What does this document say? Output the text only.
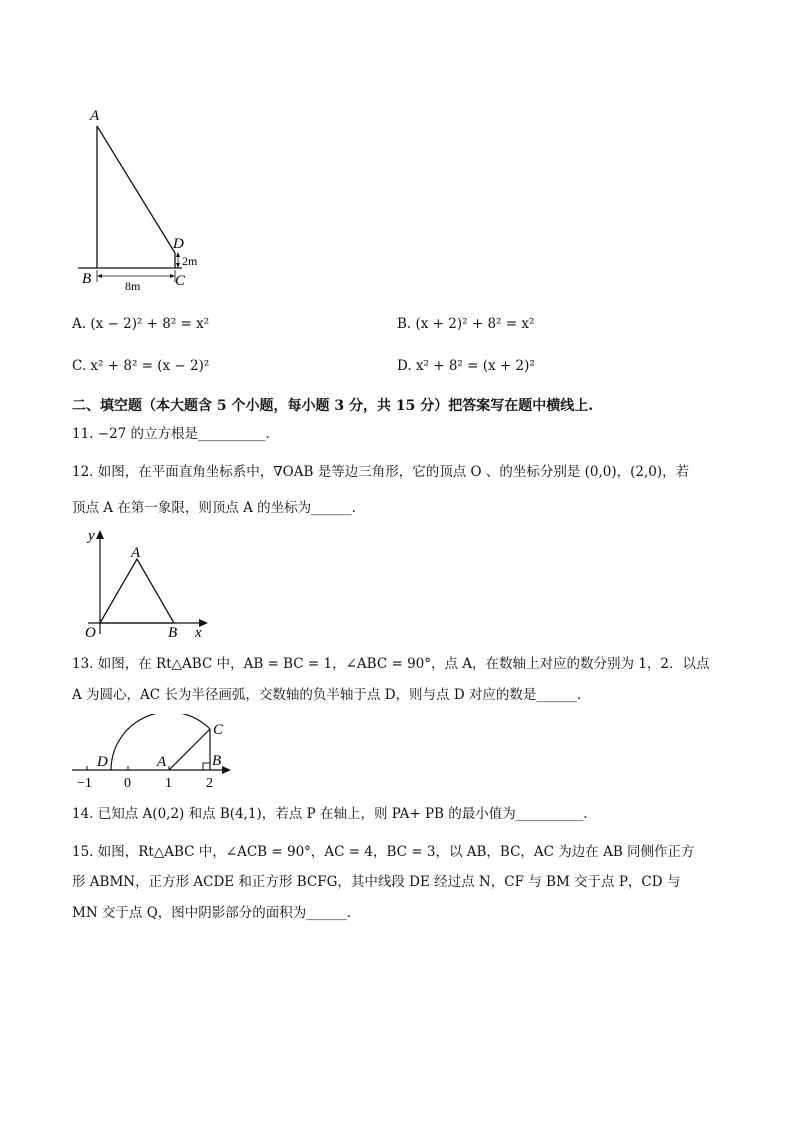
A
D
2m
B	C
8m
A. (x − 2)² + 8² = x²	B. (x + 2)² + 8² = x²
C. x² + 8² = (x − 2)²	D. x² + 8² = (x + 2)²
二、填空题（本大题含 5 个小题，每小题 3 分，共 15 分）把答案写在题中横线上.
11. −27 的立方根是__________.
12. 如图，在平面直角坐标系中，∇OAB 是等边三角形，它的顶点 O 、的坐标分别是 (0,0)，(2,0)，若
顶点 A 在第一象限，则顶点 A 的坐标为______.
y
A
O	B x
13. 如图，在 Rt△ABC 中，AB = BC = 1，∠ABC = 90°，点 A，在数轴上对应的数分别为 1，2．以点
A 为圆心，AC 长为半径画弧，交数轴的负半轴于点 D，则与点 D 对应的数是______.
C
D	A	B
−1 0 1 2
14. 已知点 A(0,2) 和点 B(4,1)，若点 P 在轴上，则 PA+ PB 的最小值为__________.
15. 如图，Rt△ABC 中，∠ACB = 90°，AC = 4，BC = 3，以 AB，BC，AC 为边在 AB 同侧作正方
形 ABMN，正方形 ACDE 和正方形 BCFG，其中线段 DE 经过点 N，CF 与 BM 交于点 P，CD 与
MN 交于点 Q，图中阴影部分的面积为______.
